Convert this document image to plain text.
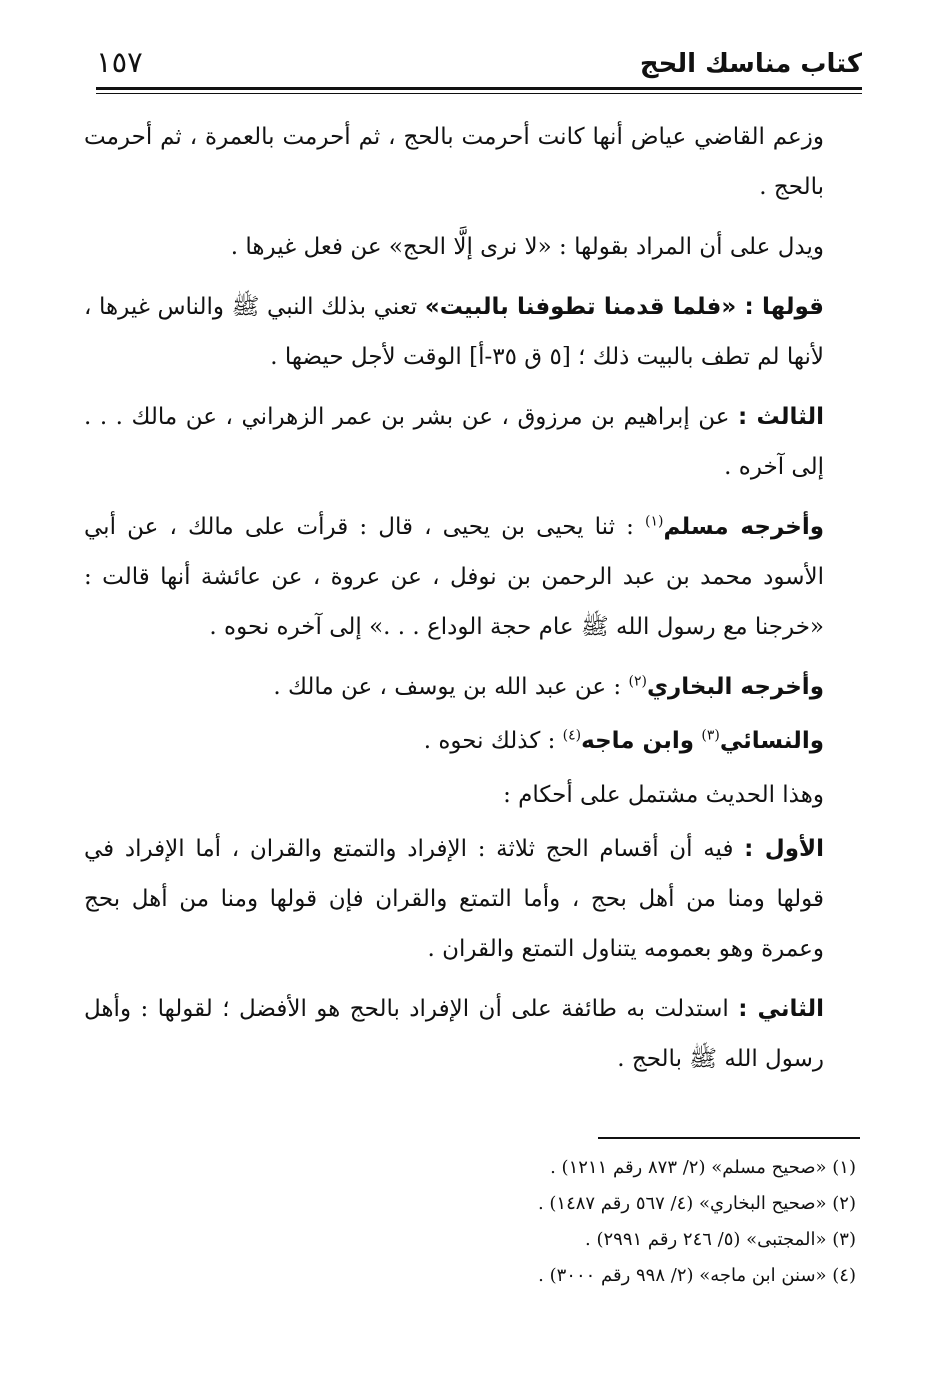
كتاب مناسك الحج
١٥٧

وزعم القاضي عياض أنها كانت أحرمت بالحج ، ثم أحرمت بالعمرة ، ثم أحرمت بالحج .

ويدل على أن المراد بقولها : «لا نرى إلَّا الحج» عن فعل غيرها .

قولها : «فلما قدمنا تطوفنا بالبيت» تعني بذلك النبي ﷺ والناس غيرها ، لأنها لم تطف بالبيت ذلك ؛ [٥ ق ٣٥-أ] الوقت لأجل حيضها .

الثالث : عن إبراهيم بن مرزوق ، عن بشر بن عمر الزهراني ، عن مالك . . . إلى آخره .

وأخرجه مسلم$^{(١)}$ : ثنا يحيى بن يحيى ، قال : قرأت على مالك ، عن أبي الأسود محمد بن عبد الرحمن بن نوفل ، عن عروة ، عن عائشة أنها قالت : «خرجنا مع رسول الله ﷺ عام حجة الوداع . . .» إلى آخره نحوه .

وأخرجه البخاري$^{(٢)}$ : عن عبد الله بن يوسف ، عن مالك .

والنسائي$^{(٣)}$ وابن ماجه$^{(٤)}$ : كذلك نحوه .

وهذا الحديث مشتمل على أحكام :

الأول : فيه أن أقسام الحج ثلاثة : الإفراد والتمتع والقران ، أما الإفراد في قولها ومنا من أهل بحج ، وأما التمتع والقران فإن قولها ومنا من أهل بحج وعمرة وهو بعمومه يتناول التمتع والقران .

الثاني : استدلت به طائفة على أن الإفراد بالحج هو الأفضل ؛ لقولها : وأهل رسول الله ﷺ بالحج .

(١) «صحيح مسلم» (٢/ ٨٧٣ رقم ١٢١١) .

(٢) «صحيح البخاري» (٤/ ٥٦٧ رقم ١٤٨٧) .

(٣) «المجتبى» (٥/ ٢٤٦ رقم ٢٩٩١) .

(٤) «سنن ابن ماجه» (٢/ ٩٩٨ رقم ٣٠٠٠) .
